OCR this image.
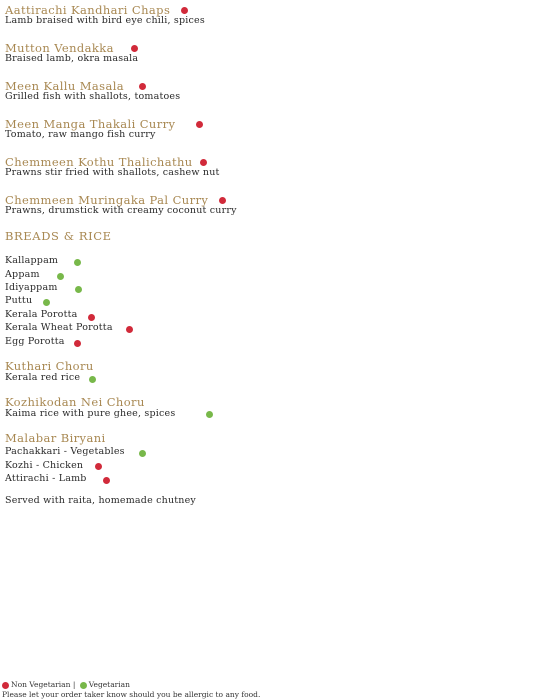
Aattirachi Kandhari Chaps
Lamb braised with bird eye chili, spices
Mutton Vendakka
Braised lamb, okra masala
Meen Kallu Masala
Grilled fish with shallots, tomatoes
Meen Manga Thakali Curry
Tomato, raw mango fish curry
Chemmeen Kothu Thalichathu
Prawns stir fried with shallots, cashew nut
Chemmeen Muringaka Pal Curry
Prawns, drumstick with creamy coconut curry
BREADS & RICE
Kallappam
Appam
Idiyappam
Puttu
Kerala Porotta
Kerala Wheat Porotta
Egg Porotta
Kuthari Choru
Kerala red rice
Kozhikodan Nei Choru
Kaima rice with pure ghee, spices
Malabar Biryani
Pachakkari - Vegetables
Kozhi - Chicken
Attirachi - Lamb
Served with raita, homemade chutney
Non Vegetarian | Vegetarian
Please let your order taker know should you be allergic to any food.
